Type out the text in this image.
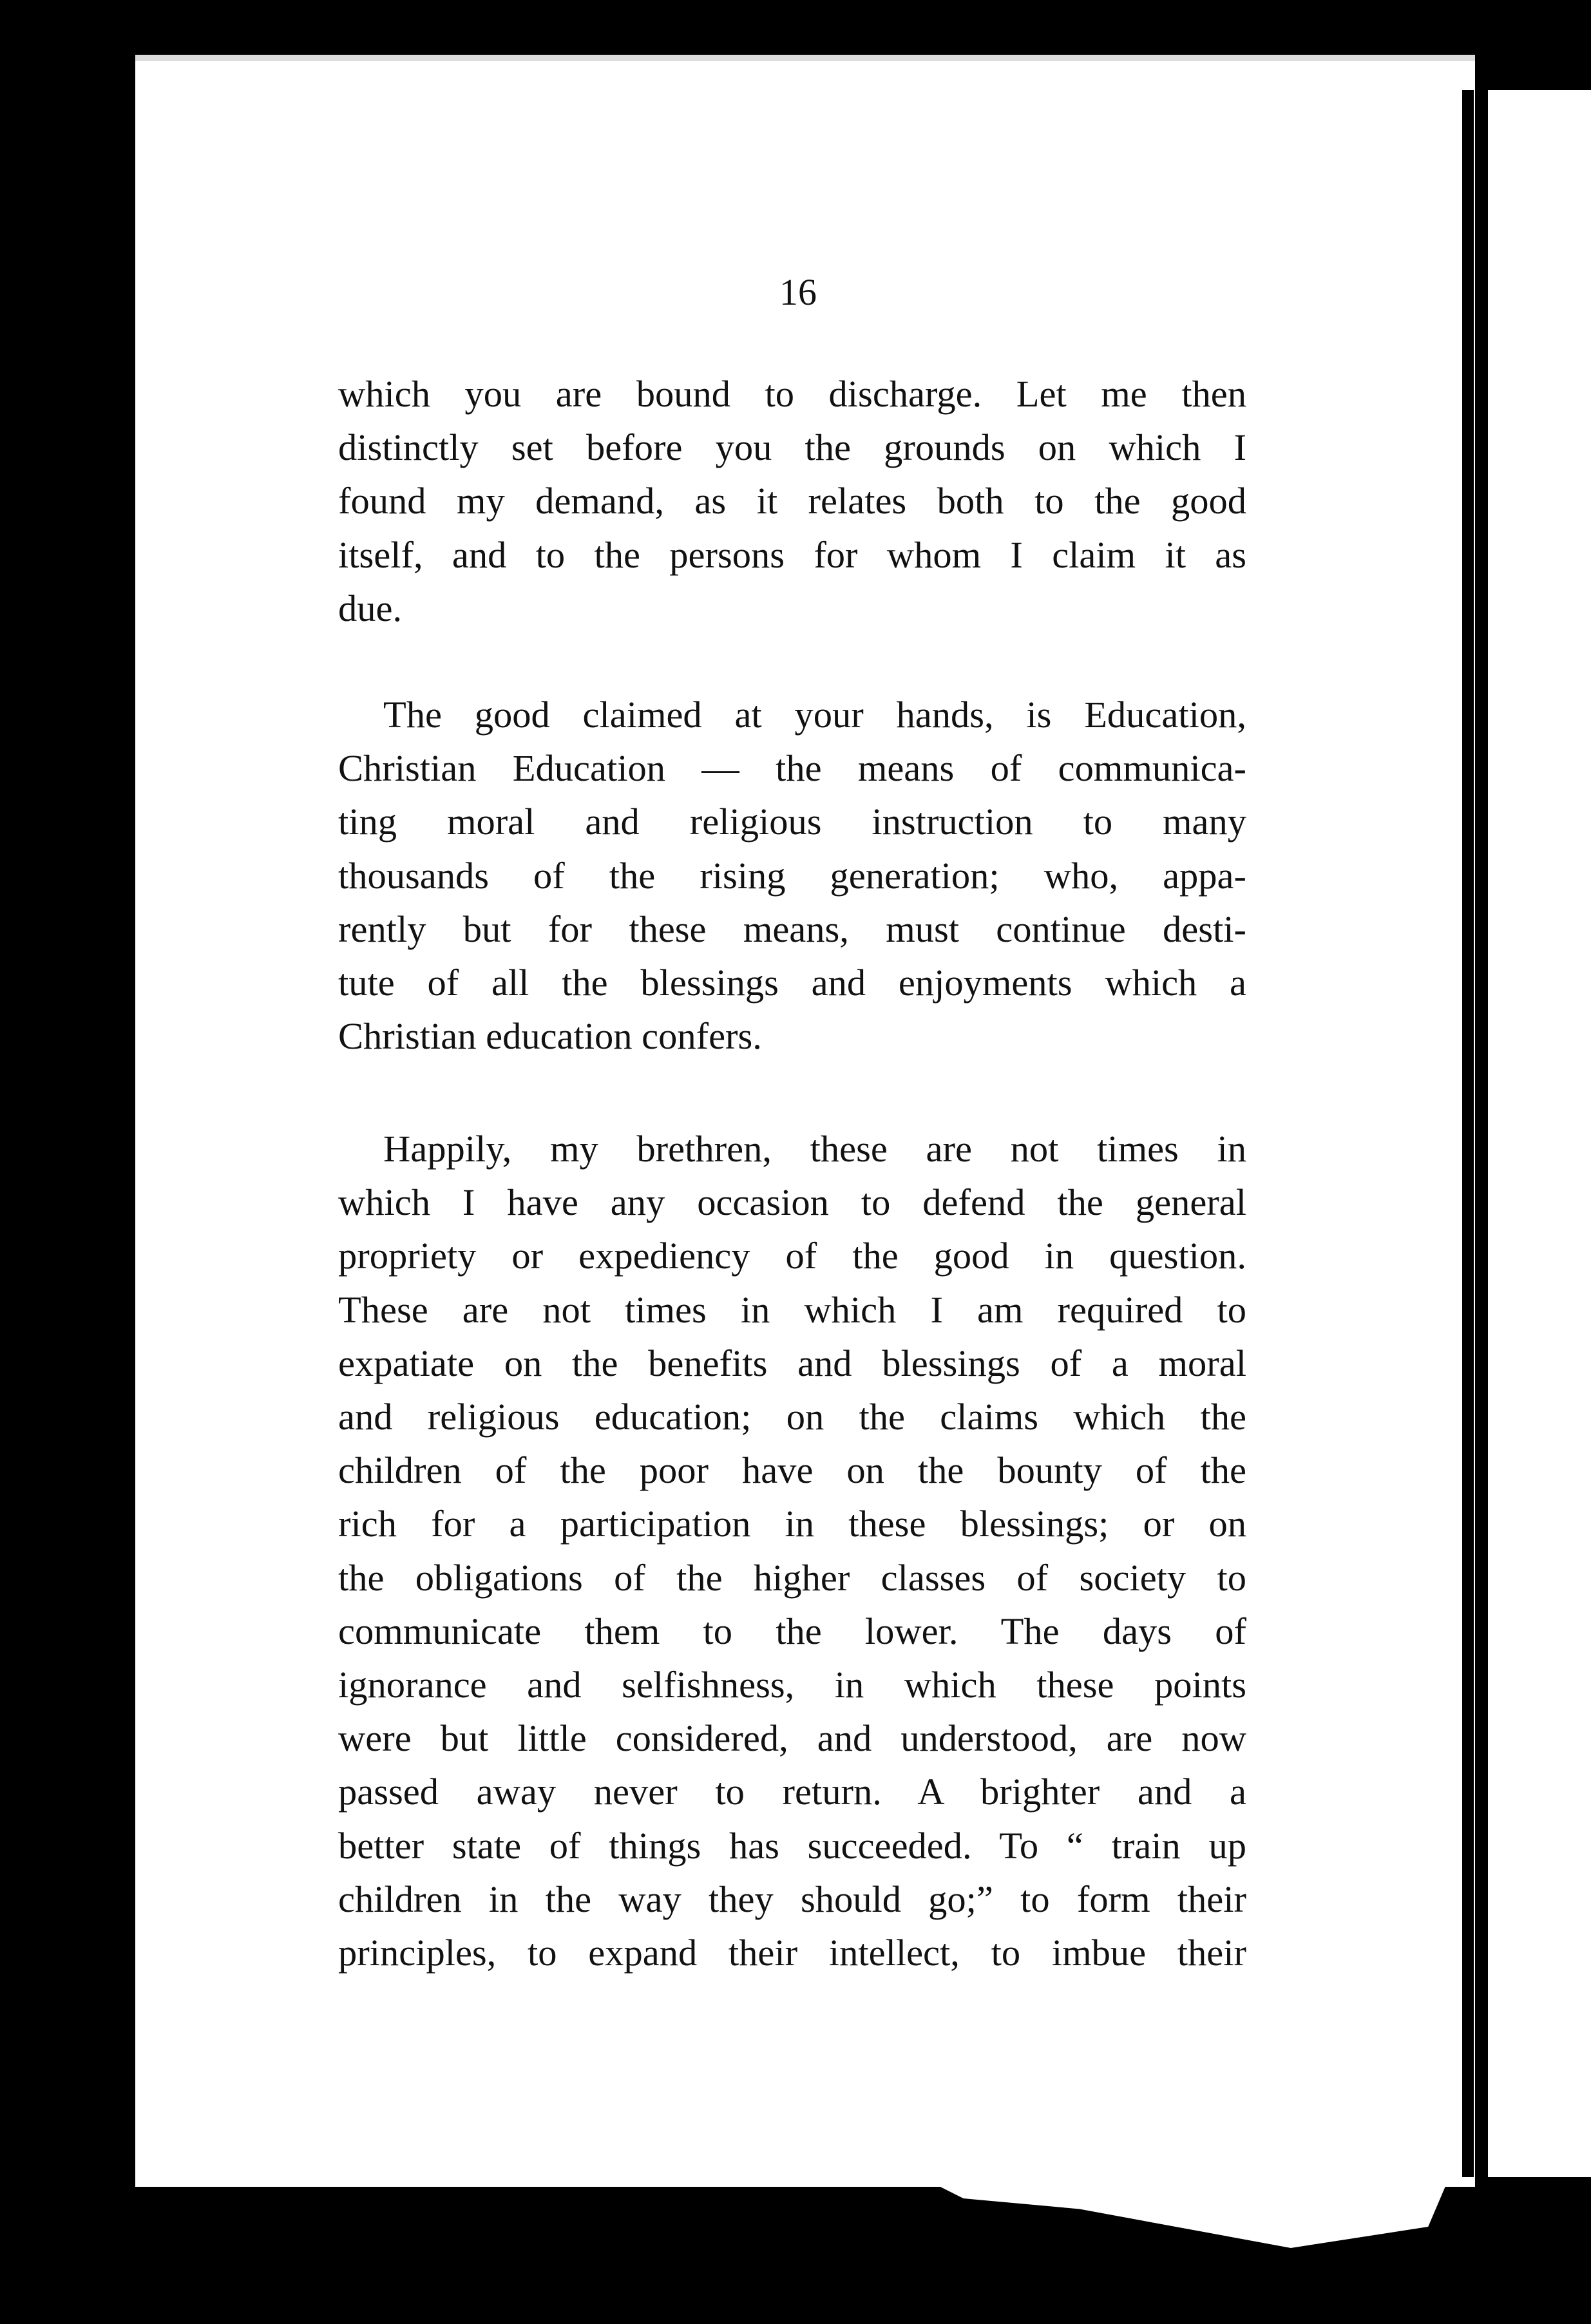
16
which you are bound to discharge. Let me then
distinctly set before you the grounds on which I
found my demand, as it relates both to the good
itself, and to the persons for whom I claim it as
due.
The good claimed at your hands, is Education,
Christian Education — the means of communica-
ting moral and religious instruction to many
thousands of the rising generation; who, appa-
rently but for these means, must continue desti-
tute of all the blessings and enjoyments which a
Christian education confers.
Happily, my brethren, these are not times in
which I have any occasion to defend the general
propriety or expediency of the good in question.
These are not times in which I am required to
expatiate on the benefits and blessings of a moral
and religious education; on the claims which the
children of the poor have on the bounty of the
rich for a participation in these blessings; or on
the obligations of the higher classes of society to
communicate them to the lower. The days of
ignorance and selfishness, in which these points
were but little considered, and understood, are now
passed away never to return. A brighter and a
better state of things has succeeded. To “ train up
children in the way they should go;” to form their
principles, to expand their intellect, to imbue their
